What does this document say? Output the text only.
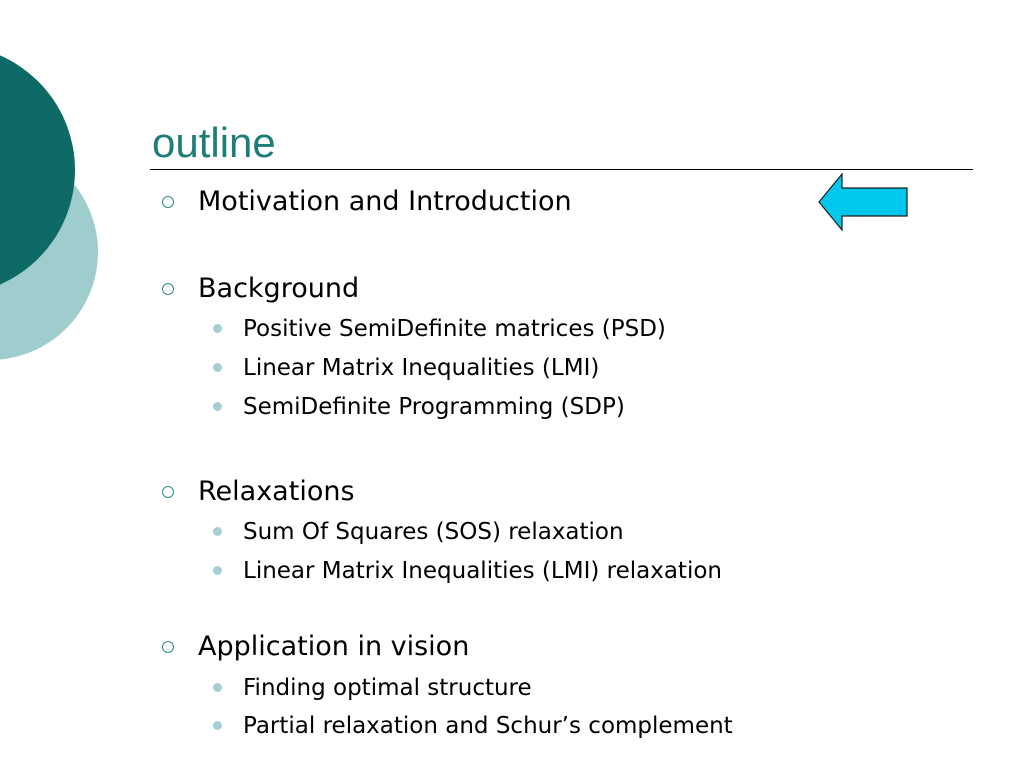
outline
Motivation and Introduction
Background
Positive SemiDefinite matrices (PSD)
Linear Matrix Inequalities (LMI)
SemiDefinite Programming (SDP)
Relaxations
Sum Of Squares (SOS) relaxation
Linear Matrix Inequalities (LMI) relaxation
Application in vision
Finding optimal structure
Partial relaxation and Schur’s complement
